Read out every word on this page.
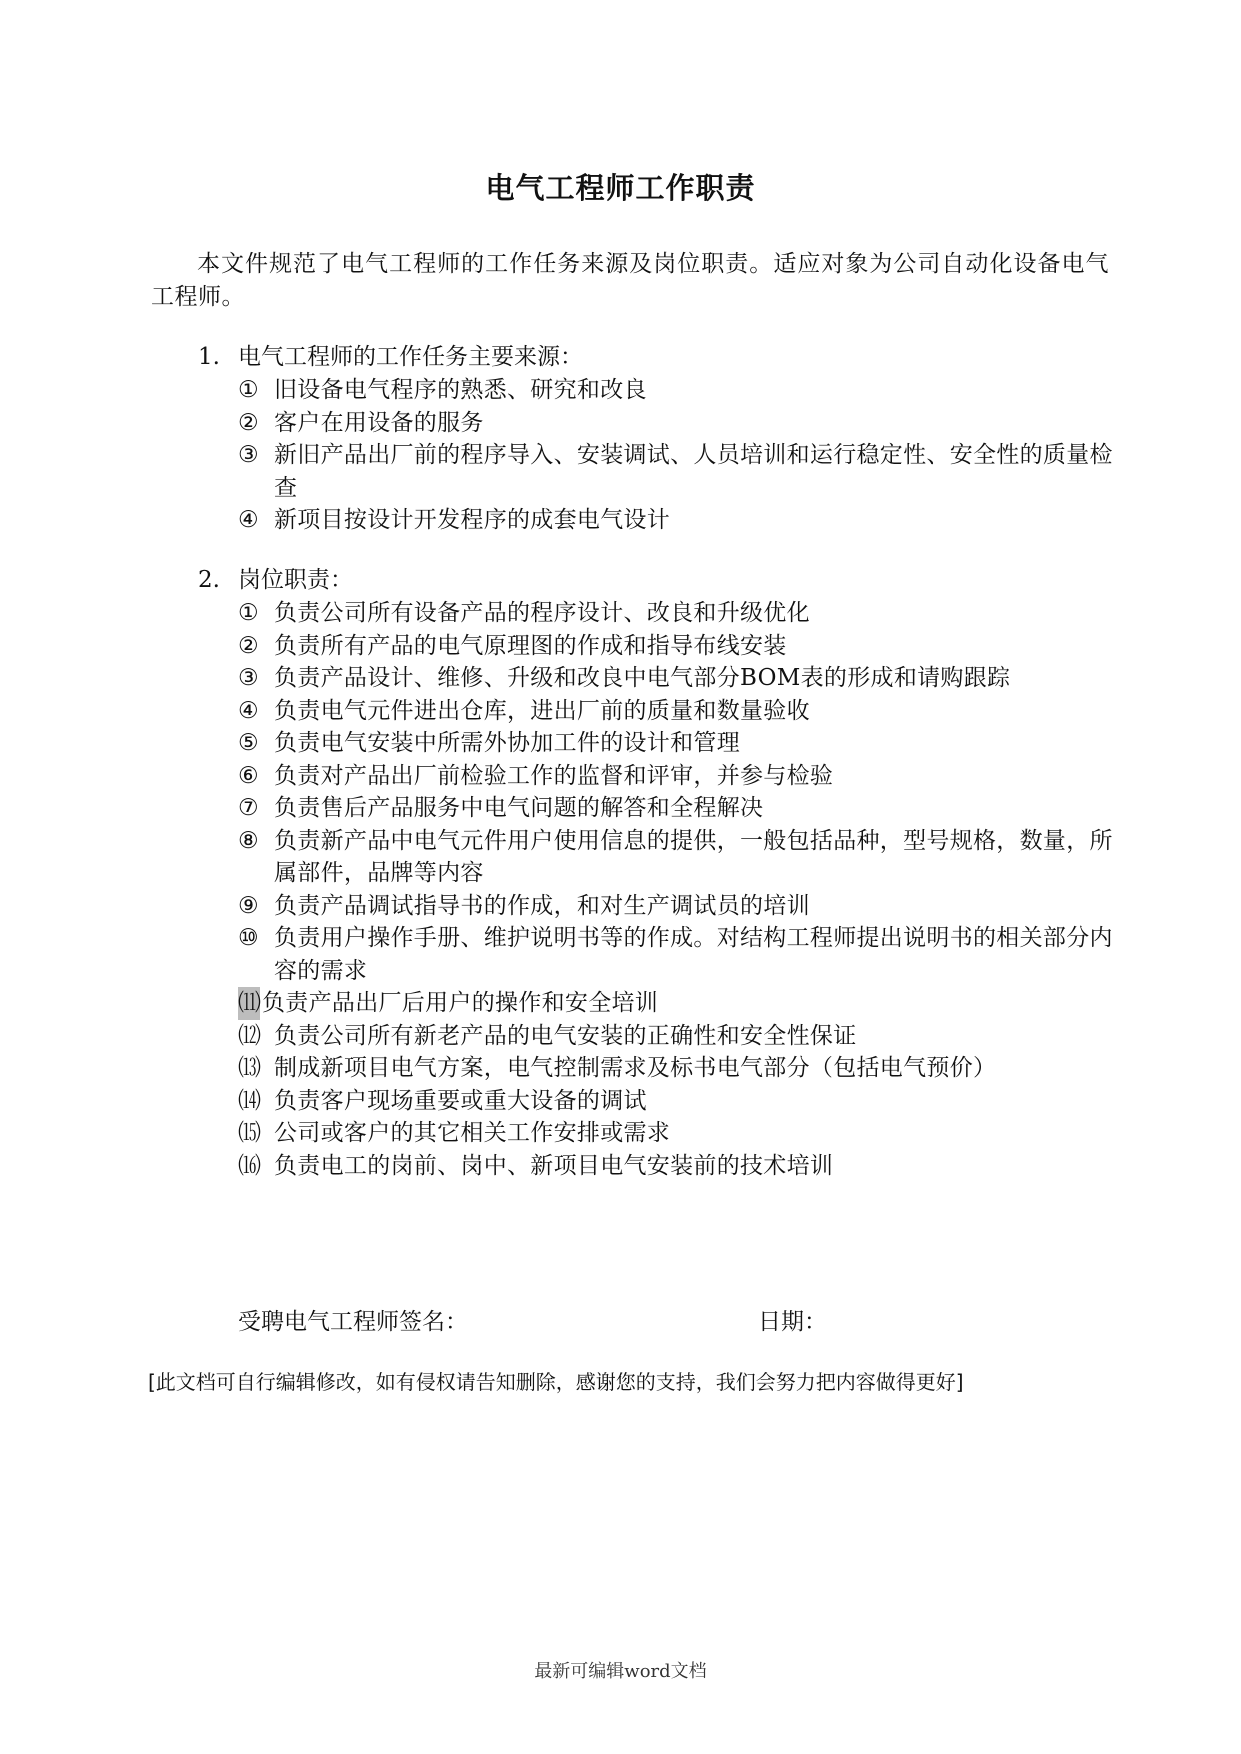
电气工程师工作职责
本文件规范了电气工程师的工作任务来源及岗位职责。适应对象为公司自动化设备电气工程师。
1. 电气工程师的工作任务主要来源：
① 旧设备电气程序的熟悉、研究和改良
② 客户在用设备的服务
③ 新旧产品出厂前的程序导入、安装调试、人员培训和运行稳定性、安全性的质量检查
④ 新项目按设计开发程序的成套电气设计
2. 岗位职责：
① 负责公司所有设备产品的程序设计、改良和升级优化
② 负责所有产品的电气原理图的作成和指导布线安装
③ 负责产品设计、维修、升级和改良中电气部分BOM表的形成和请购跟踪
④ 负责电气元件进出仓库，进出厂前的质量和数量验收
⑤ 负责电气安装中所需外协加工件的设计和管理
⑥ 负责对产品出厂前检验工作的监督和评审，并参与检验
⑦ 负责售后产品服务中电气问题的解答和全程解决
⑧ 负责新产品中电气元件用户使用信息的提供，一般包括品种，型号规格，数量，所属部件，品牌等内容
⑨ 负责产品调试指导书的作成，和对生产调试员的培训
⑩ 负责用户操作手册、维护说明书等的作成。对结构工程师提出说明书的相关部分内容的需求
⑾ 负责产品出厂后用户的操作和安全培训
⑿ 负责公司所有新老产品的电气安装的正确性和安全性保证
⒀ 制成新项目电气方案，电气控制需求及标书电气部分（包括电气预价）
⒁ 负责客户现场重要或重大设备的调试
⒂ 公司或客户的其它相关工作安排或需求
⒃ 负责电工的岗前、岗中、新项目电气安装前的技术培训
受聘电气工程师签名：	日期：
[此文档可自行编辑修改，如有侵权请告知删除，感谢您的支持，我们会努力把内容做得更好]
最新可编辑word文档
